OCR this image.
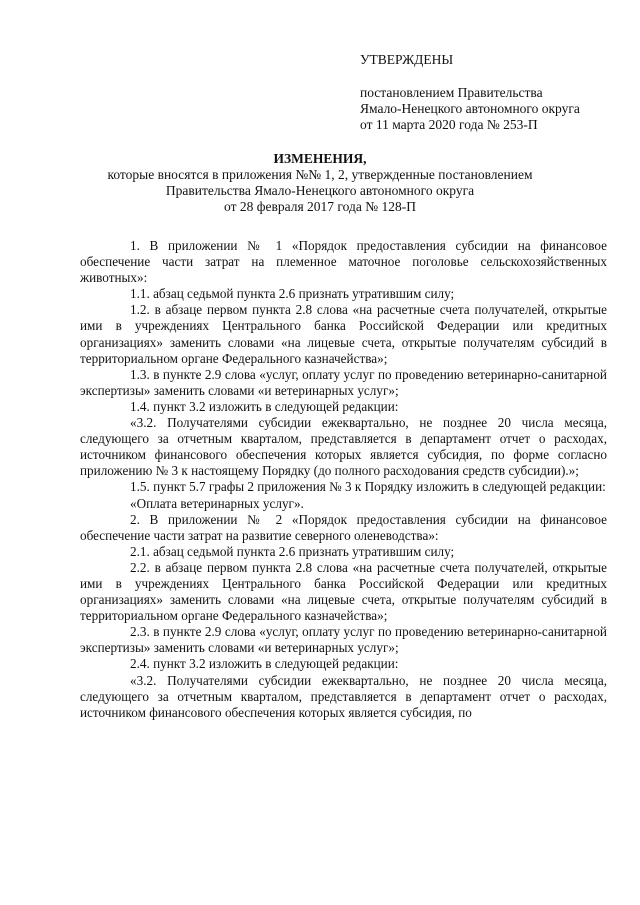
УТВЕРЖДЕНЫ
постановлением Правительства
Ямало-Ненецкого автономного округа
от 11 марта 2020 года № 253-П
ИЗМЕНЕНИЯ,
которые вносятся в приложения №№ 1, 2, утвержденные постановлением
Правительства Ямало-Ненецкого автономного округа
от 28 февраля 2017 года № 128-П

1. В приложении № 1 «Порядок предоставления субсидии на финансовое обеспечение части затрат на племенное маточное поголовье сельскохозяйственных животных»:

1.1. абзац седьмой пункта 2.6 признать утратившим силу;

1.2. в абзаце первом пункта 2.8 слова «на расчетные счета получателей, открытые ими в учреждениях Центрального банка Российской Федерации или кредитных организациях» заменить словами «на лицевые счета, открытые получателям субсидий в территориальном органе Федерального казначейства»;

1.3. в пункте 2.9 слова «услуг, оплату услуг по проведению ветеринарно-санитарной экспертизы» заменить словами «и ветеринарных услуг»;

1.4. пункт 3.2 изложить в следующей редакции:

«3.2. Получателями субсидии ежеквартально, не позднее 20 числа месяца, следующего за отчетным кварталом, представляется в департамент отчет о расходах, источником финансового обеспечения которых является субсидия, по форме согласно приложению № 3 к настоящему Порядку (до полного расходования средств субсидии).»;

1.5. пункт 5.7 графы 2 приложения № 3 к Порядку изложить в следующей редакции:

«Оплата ветеринарных услуг».

2. В приложении № 2 «Порядок предоставления субсидии на финансовое обеспечение части затрат на развитие северного оленеводства»:

2.1. абзац седьмой пункта 2.6 признать утратившим силу;

2.2. в абзаце первом пункта 2.8 слова «на расчетные счета получателей, открытые ими в учреждениях Центрального банка Российской Федерации или кредитных организациях» заменить словами «на лицевые счета, открытые получателям субсидий в территориальном органе Федерального казначейства»;

2.3. в пункте 2.9 слова «услуг, оплату услуг по проведению ветеринарно-санитарной экспертизы» заменить словами «и ветеринарных услуг»;

2.4. пункт 3.2 изложить в следующей редакции:

«3.2. Получателями субсидии ежеквартально, не позднее 20 числа месяца, следующего за отчетным кварталом, представляется в департамент отчет о расходах, источником финансового обеспечения которых является субсидия, по
